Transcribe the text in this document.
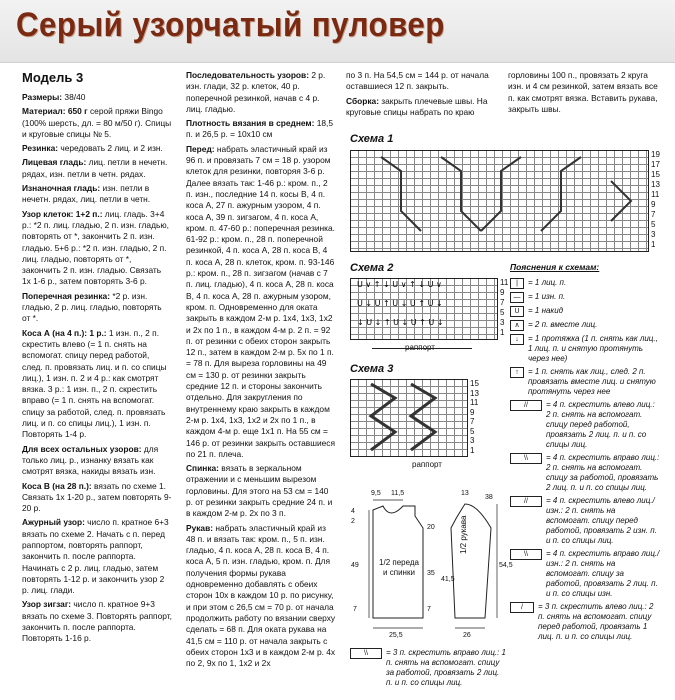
Серый узорчатый пуловер

Модель 3

Размеры: 38/40

Материал: 650 г серой пряжи Bingo (100% шерсть, дл. = 80 м/50 г). Спицы и круговые спицы № 5.

Резинка: чередовать 2 лиц. и 2 изн.

Лицевая гладь: лиц. петли в нечетн. рядах, изн. петли в четн. рядах.

Изнаночная гладь: изн. петли в нечетн. рядах, лиц. петли в четн.

Узор клеток: 1+2 п.: лиц. гладь. 3+4 р.: *2 п. лиц. гладью, 2 п. изн. гладью, повторять от *, закончить 2 п. изн. гладью. 5+6 р.: *2 п. изн. гладью, 2 п. лиц. гладью, повторять от *, закончить 2 п. изн. гладью. Связать 1х 1-6 р., затем повторять 3-6 р.

Поперечная резинка: *2 р. изн. гладью, 2 р. лиц. гладью, повторять от *.

Коса А (на 4 п.): 1 р.: 1 изн. п., 2 п. скрестить влево (= 1 п. снять на вспомогат. спицу перед работой, след. п. провязать лиц. и п. со спицы лиц.), 1 изн. п. 2 и 4 р.: как смотрят вязка. 3 р.: 1 изн. п., 2 п. скрестить вправо (= 1 п. снять на вспомогат. спицу за работой, след. п. провязать лиц. и п. со спицы лиц.), 1 изн. п. Повторять 1-4 р.

Для всех остальных узоров: для только лиц. р., изнанку вязать как смотрят вязка, накиды вязать изн.

Коса В (на 28 п.): вязать по схеме 1. Связать 1х 1-20 р., затем повторять 9-20 р.

Ажурный узор: число п. кратное 6+3 вязать по схеме 2. Начать с п. перед раппортом, повторять раппорт, закончить п. после раппорта. Начинать с 2 р. лиц. гладью, затем повторять 1-12 р. и закончить узор 2 р. лиц. глади.

Узор зигзаг: число п. кратное 9+3 вязать по схеме 3. Повторять раппорт, закончить п. после раппорта. Повторять 1-16 р.

Последовательность узоров: 2 р. изн. глади, 32 р. клеток, 40 р. поперечной резинкой, начав с 4 р. лиц. гладью.

Плотность вязания в среднем: 18,5 п. и 26,5 р. = 10х10 см

Перед: набрать эластичный край из 96 п. и провязать 7 см = 18 р. узором клеток для резинки, повторяя 3-6 р. Далее вязать так: 1-46 р.: кром. п., 2 п. изн., последние 14 п. косы В, 4 п. коса А, 27 п. ажурным узором, 4 п. коса А, 39 п. зигзагом, 4 п. коса А, кром. п. 47-60 р.: поперечная резинка. 61-92 р.: кром. п., 28 п. поперечной резинкой, 4 п. коса А, 28 п. коса В, 4 п. коса А, 28 п. клеток, кром. п. 93-146 р.: кром. п., 28 п. зигзагом (начав с 7 п. лиц. гладью), 4 п. коса А, 28 п. коса В, 4 п. коса А, 28 п. ажурным узором, кром. п. Одновременно для оката закрыть в каждом 2-м р. 1х4, 1х3, 1х2 и 2х по 1 п., в каждом 4-м р. 2 п. = 92 п. от резинки с обеих сторон закрыть 12 п., затем в каждом 2-м р. 5х по 1 п. = 78 п. Для выреза горловины на 49 см = 130 р. от резинки закрыть средние 12 п. и стороны закончить отдельно. Для закругления по внутреннему краю закрыть в каждом 2-м р. 1х4, 1х3, 1х2 и 2х по 1 п., в каждом 4-м р. еще 1х1 п. На 55 см = 146 р. от резинки закрыть оставшиеся по 21 п. плеча.

Спинка: вязать в зеркальном отражении и с меньшим вырезом горловины. Для этого на 53 см = 140 р. от резинки закрыть средние 24 п. и в каждом 2-м р. 2х по 3 п.

Рукав: набрать эластичный край из 48 п. и вязать так: кром. п., 5 п. изн. гладью, 4 п. коса А, 28 п. коса В, 4 п. коса А, 5 п. изн. гладью, кром. п. Для получения формы рукава одновременно добавлять с обеих сторон 10х в каждом 10 р. по рисунку, и при этом с 26,5 см = 70 р. от начала продолжить работу по вязании сверху сделать = 68 п. Для оката рукава на 41,5 см = 110 р. от начала закрыть с обеих сторон 1х3 и в каждом 2-м р. 4х по 2, 9х по 1, 1х2 и 2х

по 3 п. На 54,5 см = 144 р. от начала оставшиеся 12 п. закрыть.

Сборка: закрыть плечевые швы. На круговые спицы набрать по краю

горловины 100 п., провязать 2 круга изн. и 4 см резинкой, затем вязать все п. как смотрят вязка. Вставить рукава, закрыть швы.

Схема 1
19
17
15
13
11
9
7
5
3
1
Схема 2
U ∨ ↑ ↓ U ∨ ↑ ↓ U ∨
U ↓ U ↑ U ↓ U ↑ U ↓
↓ U ↓ ↑ U ↓ U ↑ U ↓
11
9
7
5
3
1
Схема 3
15
13
11
9
7
5
3
1
раппорт
Пояснения к схемам:
|	= 1 лиц. п.
— = 1 изн. п.
U	= 1 накид
∧	= 2 п. вместе лиц.
↓	= 1 протяжка (1 п. снять как лиц., 1 лиц. п. и снятую протянуть через нее)
↑	= 1 п. снять как лиц., след. 2 п. провязать вместе лиц. и снятую протянуть через нее
//	= 4 п. скрестить влево лиц.: 2 п. снять на вспомогат. спицу перед работой, провязать 2 лиц. п. и п. со спицы лиц.
\\	= 4 п. скрестить вправо лиц.: 2 п. снять на вспомогат. спицу за работой, провязать 2 лиц. п. и п. со спицы лиц.
//	= 4 п. скрестить влево лиц./изн.: 2 п. снять на вспомогат. спицу перед работой, провязать 2 изн. п. и п. со спицы лиц.
\\	= 4 п. скрестить вправо лиц./изн.: 2 п. снять на вспомогат. спицу за работой, провязать 2 лиц. п. и п. со спицы изн.
/	= 3 п. скрестить влево лиц.: 2 п. снять на вспомогат. спицу перед работой, провязать 1 лиц. п. и п. со спицы лиц.
1/2 переда и спинки
1/2 рукава
9,5 11,5
4
2
20
49
35
7	7
25,5
13
54,5
41,5
26
38
\\	= 3 п. скрестить вправо лиц.: 1 п. снять на вспомогат. спицу за работой, провязать 2 лиц. п. и п. со спицы лиц.
